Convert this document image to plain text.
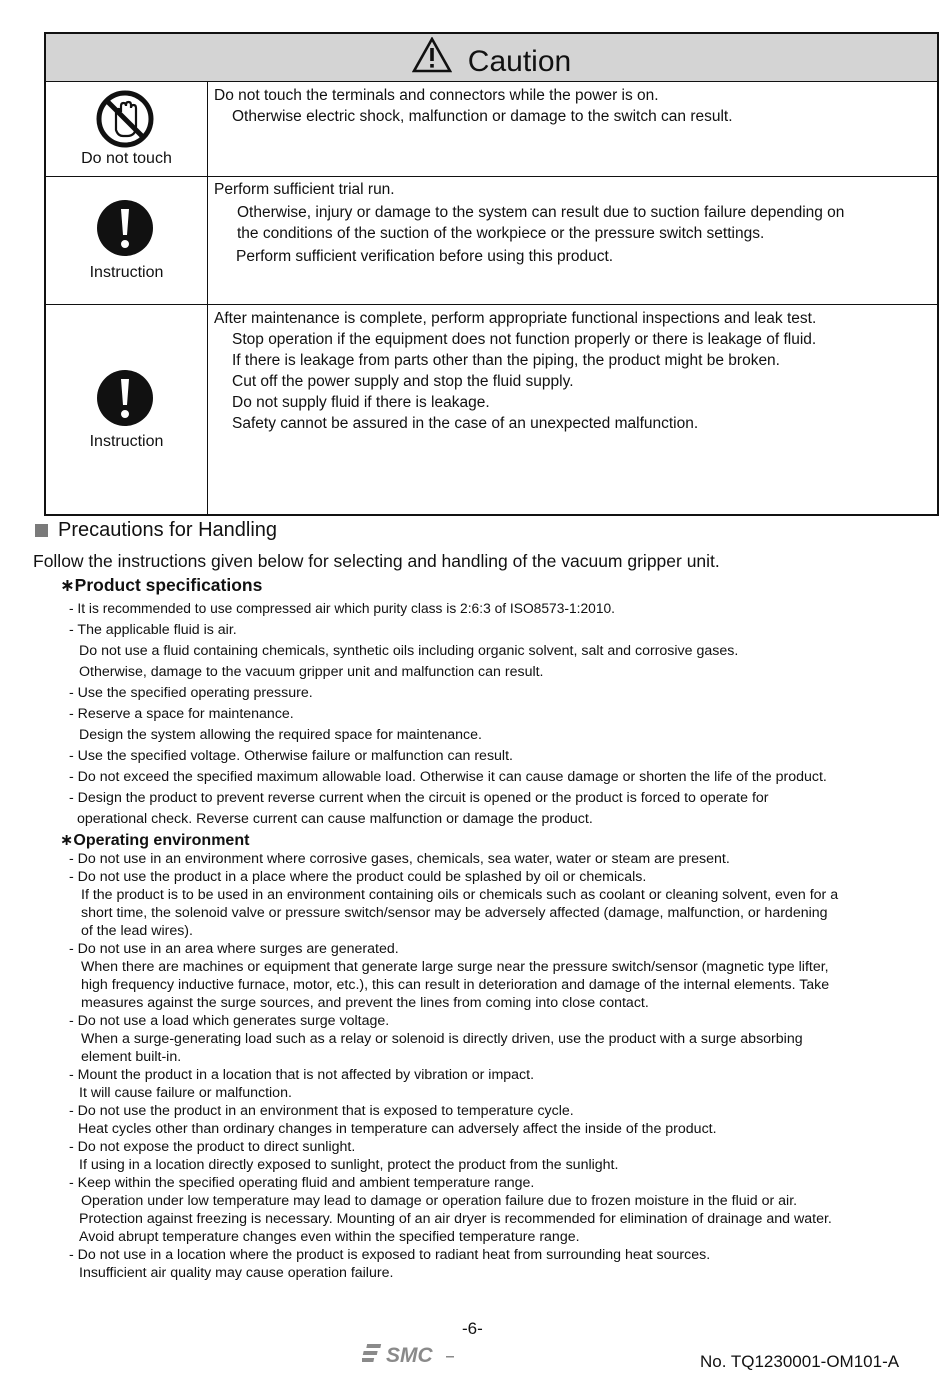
Caution
Do not touch
Do not touch the terminals and connectors while the power is on.
Otherwise electric shock, malfunction or damage to the switch can result.
Instruction
Perform sufficient trial run.
Otherwise, injury or damage to the system can result due to suction failure depending on
the conditions of the suction of the workpiece or the pressure switch settings.
Perform sufficient verification before using this product.
Instruction
After maintenance is complete, perform appropriate functional inspections and leak test.
Stop operation if the equipment does not function properly or there is leakage of fluid.
If there is leakage from parts other than the piping, the product might be broken.
Cut off the power supply and stop the fluid supply.
Do not supply fluid if there is leakage.
Safety cannot be assured in the case of an unexpected malfunction.
Precautions for Handling
Follow the instructions given below for selecting and handling of the vacuum gripper unit.
∗Product specifications
- It is recommended to use compressed air which purity class is 2:6:3 of ISO8573-1:2010.
- The applicable fluid is air.
Do not use a fluid containing chemicals, synthetic oils including organic solvent, salt and corrosive gases.
Otherwise, damage to the vacuum gripper unit and malfunction can result.
- Use the specified operating pressure.
- Reserve a space for maintenance.
Design the system allowing the required space for maintenance.
- Use the specified voltage. Otherwise failure or malfunction can result.
- Do not exceed the specified maximum allowable load. Otherwise it can cause damage or shorten the life of the product.
- Design the product to prevent reverse current when the circuit is opened or the product is forced to operate for
operational check. Reverse current can cause malfunction or damage the product.
∗Operating environment
- Do not use in an environment where corrosive gases, chemicals, sea water, water or steam are present.
- Do not use the product in a place where the product could be splashed by oil or chemicals.
If the product is to be used in an environment containing oils or chemicals such as coolant or cleaning solvent, even for a
short time, the solenoid valve or pressure switch/sensor may be adversely affected (damage, malfunction, or hardening
of the lead wires).
- Do not use in an area where surges are generated.
When there are machines or equipment that generate large surge near the pressure switch/sensor (magnetic type lifter,
high frequency inductive furnace, motor, etc.), this can result in deterioration and damage of the internal elements. Take
measures against the surge sources, and prevent the lines from coming into close contact.
- Do not use a load which generates surge voltage.
When a surge-generating load such as a relay or solenoid is directly driven, use the product with a surge absorbing
element built-in.
- Mount the product in a location that is not affected by vibration or impact.
It will cause failure or malfunction.
- Do not use the product in an environment that is exposed to temperature cycle.
Heat cycles other than ordinary changes in temperature can adversely affect the inside of the product.
- Do not expose the product to direct sunlight.
If using in a location directly exposed to sunlight, protect the product from the sunlight.
- Keep within the specified operating fluid and ambient temperature range.
Operation under low temperature may lead to damage or operation failure due to frozen moisture in the fluid or air.
Protection against freezing is necessary. Mounting of an air dryer is recommended for elimination of drainage and water.
Avoid abrupt temperature changes even within the specified temperature range.
- Do not use in a location where the product is exposed to radiant heat from surrounding heat sources.
Insufficient air quality may cause operation failure.
-6-
SMC	No. TQ1230001-OM101-A
